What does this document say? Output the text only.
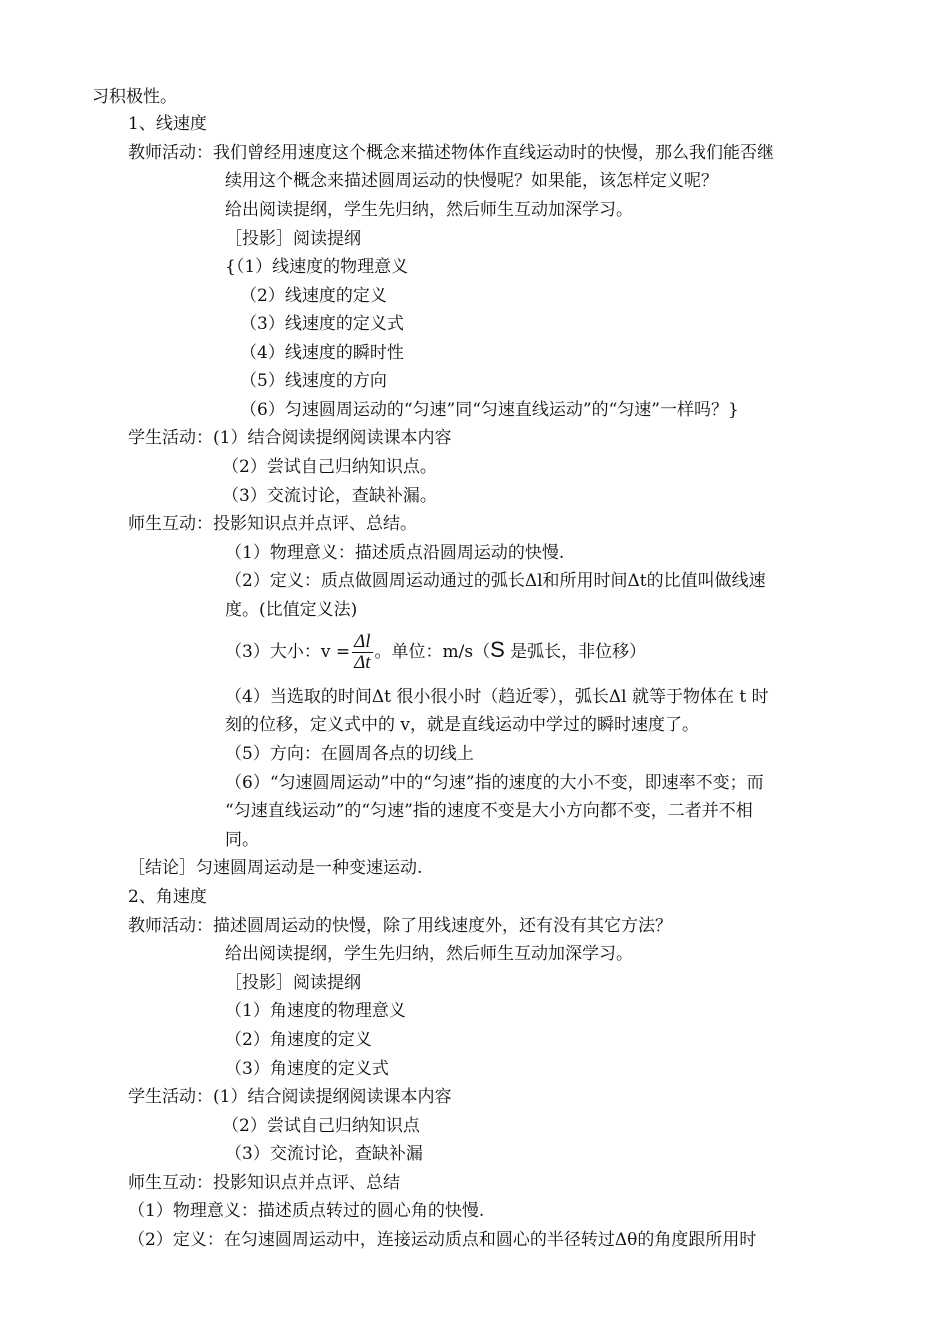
习积极性。
1、线速度
教师活动：我们曾经用速度这个概念来描述物体作直线运动时的快慢，那么我们能否继
续用这个概念来描述圆周运动的快慢呢？如果能，该怎样定义呢？
给出阅读提纲，学生先归纳，然后师生互动加深学习。
［投影］阅读提纲
{（1）线速度的物理意义
（2）线速度的定义
（3）线速度的定义式
（4）线速度的瞬时性
（5）线速度的方向
（6）匀速圆周运动的“匀速”同“匀速直线运动”的“匀速”一样吗？}
学生活动：(1）结合阅读提纲阅读课本内容
（2）尝试自己归纳知识点。
（3）交流讨论，查缺补漏。
师生互动：投影知识点并点评、总结。
（1）物理意义：描述质点沿圆周运动的快慢.
（2）定义：质点做圆周运动通过的弧长Δl和所用时间Δt的比值叫做线速
度。(比值定义法)
（3）大小：$v = \frac{\Delta l}{\Delta t}$ 。单位：m/s（S 是弧长，非位移）
（4）当选取的时间Δt 很小很小时（趋近零），弧长Δl 就等于物体在 t 时
刻的位移，定义式中的 v，就是直线运动中学过的瞬时速度了。
（5）方向：在圆周各点的切线上
（6）“匀速圆周运动”中的“匀速”指的速度的大小不变，即速率不变；而
“匀速直线运动”的“匀速”指的速度不变是大小方向都不变，二者并不相
同。
［结论］匀速圆周运动是一种变速运动.
2、角速度
教师活动：描述圆周运动的快慢，除了用线速度外，还有没有其它方法？
给出阅读提纲，学生先归纳，然后师生互动加深学习。
［投影］阅读提纲
（1）角速度的物理意义
（2）角速度的定义
（3）角速度的定义式
学生活动：(1）结合阅读提纲阅读课本内容
（2）尝试自己归纳知识点
（3）交流讨论，查缺补漏
师生互动：投影知识点并点评、总结
（1）物理意义：描述质点转过的圆心角的快慢.
（2）定义：在匀速圆周运动中，连接运动质点和圆心的半径转过Δθ的角度跟所用时
